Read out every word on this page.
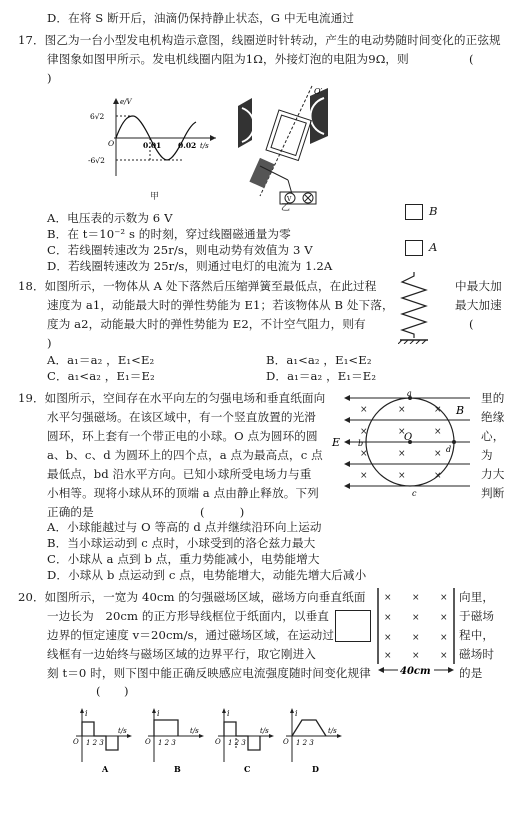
D．在将 S 断开后，油滴仍保持静止状态，G 中无电流通过
17．图乙为一台小型发电机构造示意图，线圈逆时针转动，产生的电动势随时间变化的正弦规
律图象如图甲所示。发电机线圈内阻为1Ω，外接灯泡的电阻为9Ω，则	(
)
e/V
6√2
-6√2
O	0.01 0.02 t/s
甲	V
O′
乙
A．电压表的示数为 6 V
B．在 t＝10⁻² s 的时刻，穿过线圈磁通量为零
C．若线圈转速改为 25r/s，则电动势有效值为 3 V
D．若线圈转速改为 25r/s，则通过电灯的电流为 1.2A
B
A
18．如图所示，一物体从 A 处下落然后压缩弹簧至最低点，在此过程
速度为 a1，动能最大时的弹性势能为 E1；若该物体从 B 处下落，
度为 a2，动能最大时的弹性势能为 E2，不计空气阻力，则有
中最大加
最大加速
(
)
A．a₁＝a₂ ，E₁<E₂	B．a₁<a₂ ，E₁<E₂
C．a₁<a₂ ，E₁＝E₂	D．a₁＝a₂ ，E₁＝E₂
19．如图所示，空间存在水平向左的匀强电场和垂直纸面向
水平匀强磁场。在该区域中，有一个竖直放置的光滑
圆环，环上套有一个带正电的小球。O 点为圆环的圆
a、b、c、d 为圆环上的四个点，a 点为最高点，c 点
最低点，bd 沿水平方向。已知小球所受电场力与重
小相等。现将小球从环的顶端 a 点由静止释放。下列
正确的是	(　　　)
里的
绝缘
心，
为
力大
判断
×	×	×
×	×	×
×	×	×
×	×	×
E
B
a
b
c
d
O
A．小球能越过与 O 等高的 d 点并继续沿环向上运动
B．当小球运动到 c 点时，小球受到的洛仑兹力最大
C．小球从 a 点到 b 点，重力势能减小，电势能增大
D．小球从 b 点运动到 c 点，电势能增大，动能先增大后减小
20．如图所示，一宽为 40cm 的匀强磁场区域，磁场方向垂直纸面
一边长为　20cm 的正方形导线框位于纸面内，以垂直
边界的恒定速度 v＝20cm/s，通过磁场区域，在运动过
线框有一边始终与磁场区域的边界平行，取它刚进入
刻 t＝0 时，则下图中能正确反映感应电流强度随时间变化规律
(　　)
向里，
于磁场
程中，
磁场时
的是
× × ×
× × ×
× × ×
× × ×
40cm
i
O 1 2 3
t/s
A
i
O 1 2 3
t/s
B
i
O 1 2 3
t/s
C
i
O 1 2 3
t/s
D
